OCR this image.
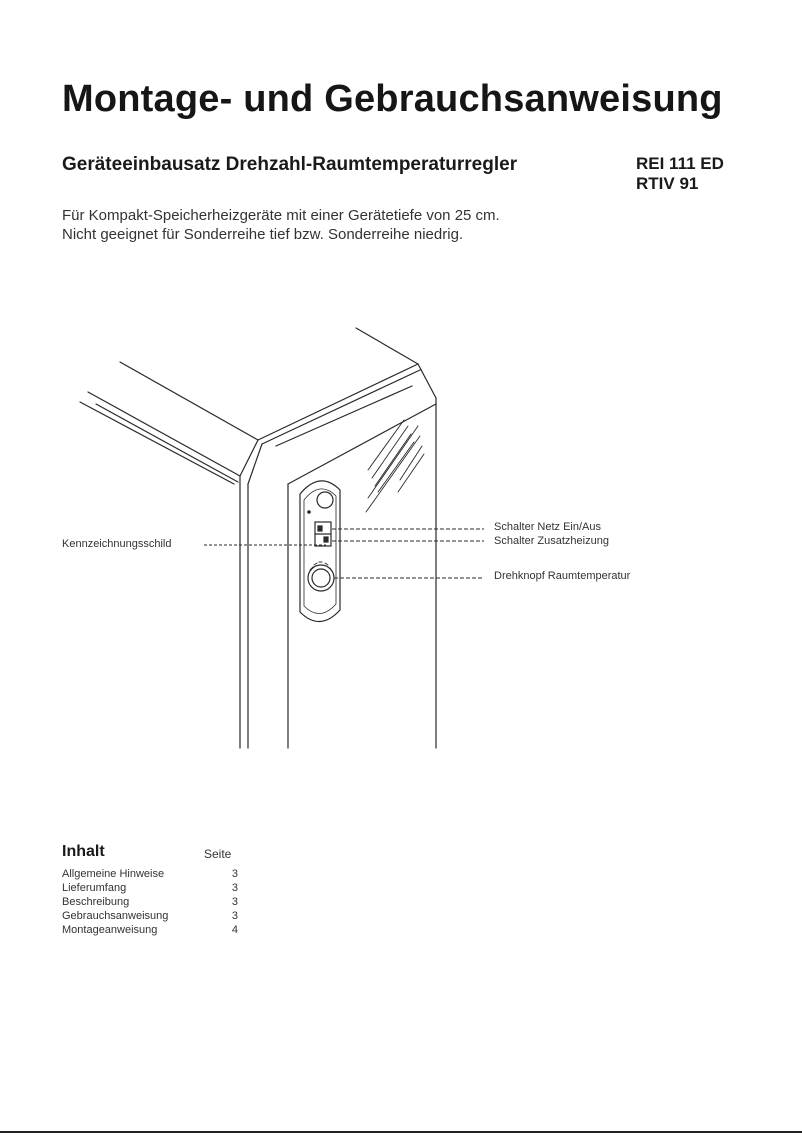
Montage- und Gebrauchsanweisung
Geräteeinbausatz Drehzahl-Raumtemperaturregler	REI 111 ED
RTIV 91
Für Kompakt-Speicherheizgeräte mit einer Gerätetiefe von 25 cm.
Nicht geeignet für Sonderreihe tief bzw. Sonderreihe niedrig.
Kennzeichnungsschild
Schalter Netz Ein/Aus
Schalter Zusatzheizung
Drehknopf Raumtemperatur
Inhalt	Seite
Allgemeine Hinweise	3
Lieferumfang	3
Beschreibung	3
Gebrauchsanweisung	3
Montageanweisung	4
